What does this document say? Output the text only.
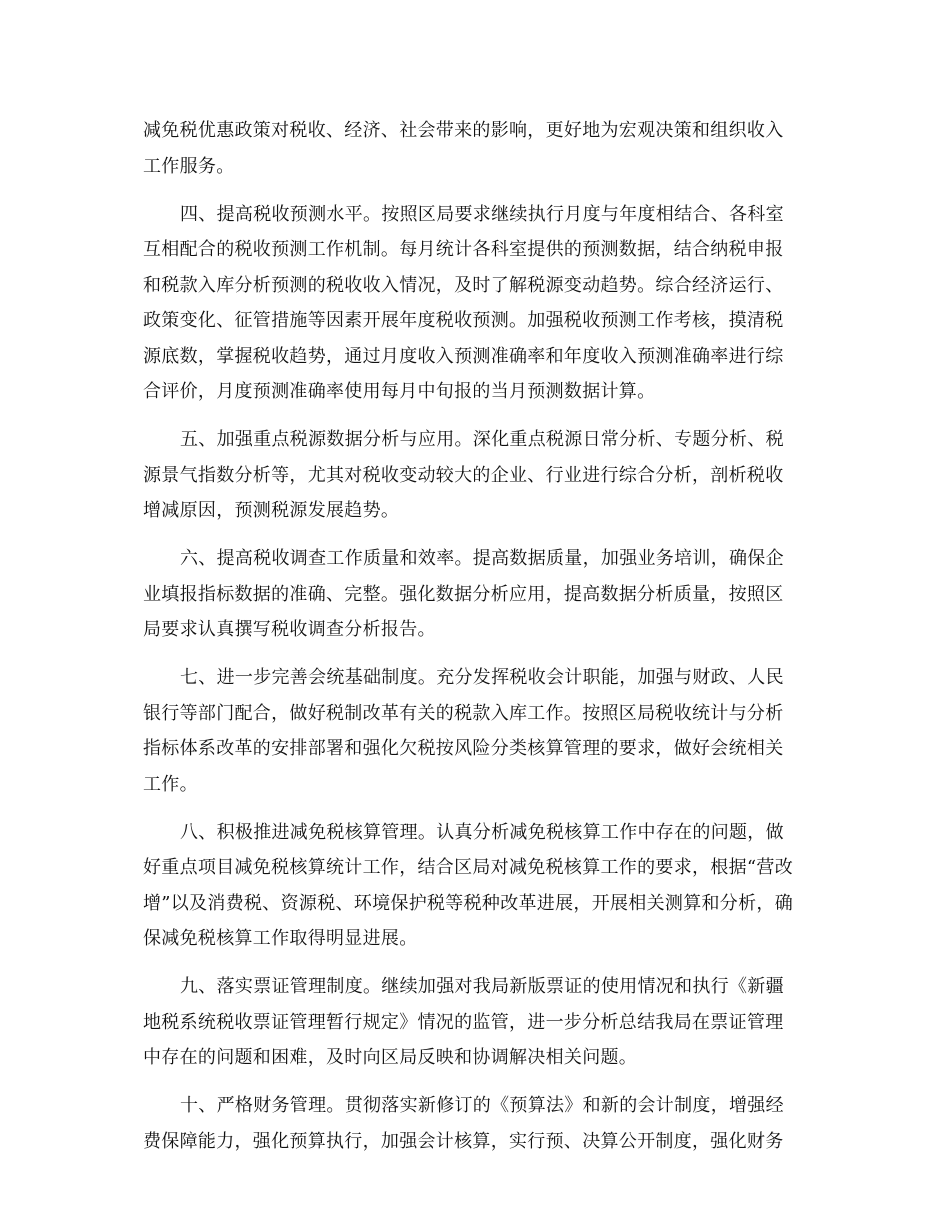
减免税优惠政策对税收、经济、社会带来的影响，更好地为宏观决策和组织收入
工作服务。
四、提高税收预测水平。按照区局要求继续执行月度与年度相结合、各科室
互相配合的税收预测工作机制。每月统计各科室提供的预测数据，结合纳税申报
和税款入库分析预测的税收收入情况，及时了解税源变动趋势。综合经济运行、
政策变化、征管措施等因素开展年度税收预测。加强税收预测工作考核，摸清税
源底数，掌握税收趋势，通过月度收入预测准确率和年度收入预测准确率进行综
合评价，月度预测准确率使用每月中旬报的当月预测数据计算。
五、加强重点税源数据分析与应用。深化重点税源日常分析、专题分析、税
源景气指数分析等，尤其对税收变动较大的企业、行业进行综合分析，剖析税收
增减原因，预测税源发展趋势。
六、提高税收调查工作质量和效率。提高数据质量，加强业务培训，确保企
业填报指标数据的准确、完整。强化数据分析应用，提高数据分析质量，按照区
局要求认真撰写税收调查分析报告。
七、进一步完善会统基础制度。充分发挥税收会计职能，加强与财政、人民
银行等部门配合，做好税制改革有关的税款入库工作。按照区局税收统计与分析
指标体系改革的安排部署和强化欠税按风险分类核算管理的要求，做好会统相关
工作。
八、积极推进减免税核算管理。认真分析减免税核算工作中存在的问题，做
好重点项目减免税核算统计工作，结合区局对减免税核算工作的要求，根据“营改
增”以及消费税、资源税、环境保护税等税种改革进展，开展相关测算和分析，确
保减免税核算工作取得明显进展。
九、落实票证管理制度。继续加强对我局新版票证的使用情况和执行《新疆
地税系统税收票证管理暂行规定》情况的监管，进一步分析总结我局在票证管理
中存在的问题和困难，及时向区局反映和协调解决相关问题。
十、严格财务管理。贯彻落实新修订的《预算法》和新的会计制度，增强经
费保障能力，强化预算执行，加强会计核算，实行预、决算公开制度，强化财务
